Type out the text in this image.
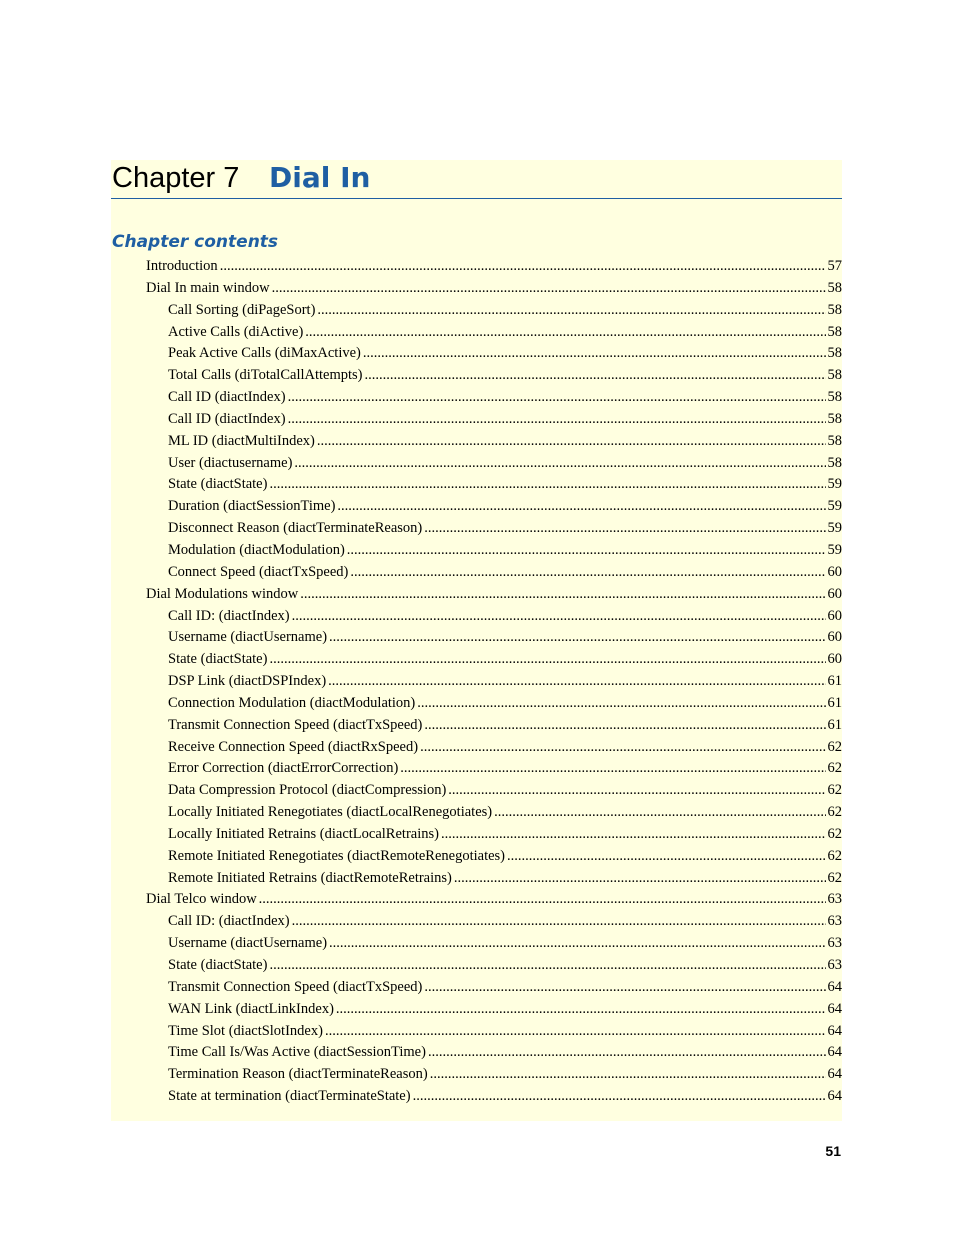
Chapter 7 Dial In
Chapter contents
Introduction .....	57
Dial In main window .....	58
Call Sorting (diPageSort) .....	58
Active Calls (diActive) .....	58
Peak Active Calls (diMaxActive) .....	58
Total Calls (diTotalCallAttempts) .....	58
Call ID (diactIndex) .....	58
Call ID (diactIndex) .....	58
ML ID (diactMultiIndex) .....	58
User (diactusername) .....	58
State (diactState) .....	59
Duration (diactSessionTime) .....	59
Disconnect Reason (diactTerminateReason) .....	59
Modulation (diactModulation) .....	59
Connect Speed (diactTxSpeed) .....	60
Dial Modulations window .....	60
Call ID: (diactIndex) .....	60
Username (diactUsername) .....	60
State (diactState) .....	60
DSP Link (diactDSPIndex) .....	61
Connection Modulation (diactModulation) .....	61
Transmit Connection Speed (diactTxSpeed) .....	61
Receive Connection Speed (diactRxSpeed) .....	62
Error Correction (diactErrorCorrection) .....	62
Data Compression Protocol (diactCompression) .....	62
Locally Initiated Renegotiates (diactLocalRenegotiates) .....	62
Locally Initiated Retrains (diactLocalRetrains) .....	62
Remote Initiated Renegotiates (diactRemoteRenegotiates) .....	62
Remote Initiated Retrains (diactRemoteRetrains) .....	62
Dial Telco window .....	63
Call ID: (diactIndex) .....	63
Username (diactUsername) .....	63
State (diactState) .....	63
Transmit Connection Speed (diactTxSpeed) .....	64
WAN Link (diactLinkIndex) .....	64
Time Slot (diactSlotIndex) .....	64
Time Call Is/Was Active (diactSessionTime) .....	64
Termination Reason (diactTerminateReason) .....	64
State at termination (diactTerminateState) .....	64
51
